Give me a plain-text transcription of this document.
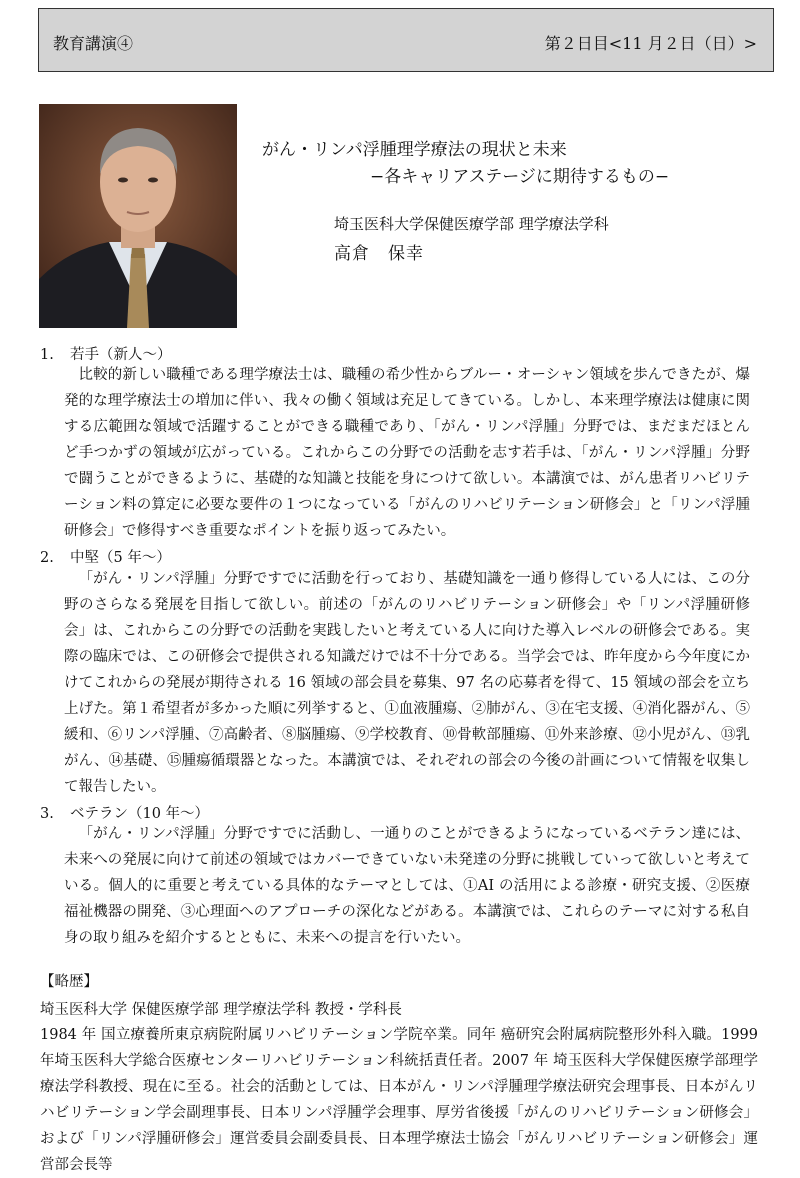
教育講演④	第２日目<11 月２日（日）>
がん・リンパ浮腫理学療法の現状と未来
−各キャリアステージに期待するもの−
埼玉医科大学保健医療学部 理学療法学科
高倉　保幸
1. 若手（新人〜）

比較的新しい職種である理学療法士は、職種の希少性からブルー・オーシャン領域を歩んできたが、爆発的な理学療法士の増加に伴い、我々の働く領域は充足してきている。しかし、本来理学療法は健康に関する広範囲な領域で活躍することができる職種であり、「がん・リンパ浮腫」分野では、まだまだほとんど手つかずの領域が広がっている。これからこの分野での活動を志す若手は、「がん・リンパ浮腫」分野で闘うことができるように、基礎的な知識と技能を身につけて欲しい。本講演では、がん患者リハビリテーション料の算定に必要な要件の１つになっている「がんのリハビリテーション研修会」と「リンパ浮腫研修会」で修得すべき重要なポイントを振り返ってみたい。

2. 中堅（5 年〜）

「がん・リンパ浮腫」分野ですでに活動を行っており、基礎知識を一通り修得している人には、この分野のさらなる発展を目指して欲しい。前述の「がんのリハビリテーション研修会」や「リンパ浮腫研修会」は、これからこの分野での活動を実践したいと考えている人に向けた導入レベルの研修会である。実際の臨床では、この研修会で提供される知識だけでは不十分である。当学会では、昨年度から今年度にかけてこれからの発展が期待される 16 領域の部会員を募集、97 名の応募者を得て、15 領域の部会を立ち上げた。第１希望者が多かった順に列挙すると、①血液腫瘍、②肺がん、③在宅支援、④消化器がん、⑤緩和、⑥リンパ浮腫、⑦高齢者、⑧脳腫瘍、⑨学校教育、⑩骨軟部腫瘍、⑪外来診療、⑫小児がん、⑬乳がん、⑭基礎、⑮腫瘍循環器となった。本講演では、それぞれの部会の今後の計画について情報を収集して報告したい。

3. ベテラン（10 年〜）

「がん・リンパ浮腫」分野ですでに活動し、一通りのことができるようになっているベテラン達には、未来への発展に向けて前述の領域ではカバーできていない未発達の分野に挑戦していって欲しいと考えている。個人的に重要と考えている具体的なテーマとしては、①AI の活用による診療・研究支援、②医療福祉機器の開発、③心理面へのアプローチの深化などがある。本講演では、これらのテーマに対する私自身の取り組みを紹介するとともに、未来への提言を行いたい。

【略歴】
埼玉医科大学 保健医療学部 理学療法学科 教授・学科長

1984 年 国立療養所東京病院附属リハビリテーション学院卒業。同年 癌研究会附属病院整形外科入職。1999 年埼玉医科大学総合医療センターリハビリテーション科統括責任者。2007 年 埼玉医科大学保健医療学部理学療法学科教授、現在に至る。社会的活動としては、日本がん・リンパ浮腫理学療法研究会理事長、日本がんリハビリテーション学会副理事長、日本リンパ浮腫学会理事、厚労省後援「がんのリハビリテーション研修会」および「リンパ浮腫研修会」運営委員会副委員長、日本理学療法士協会「がんリハビリテーション研修会」運営部会長等
